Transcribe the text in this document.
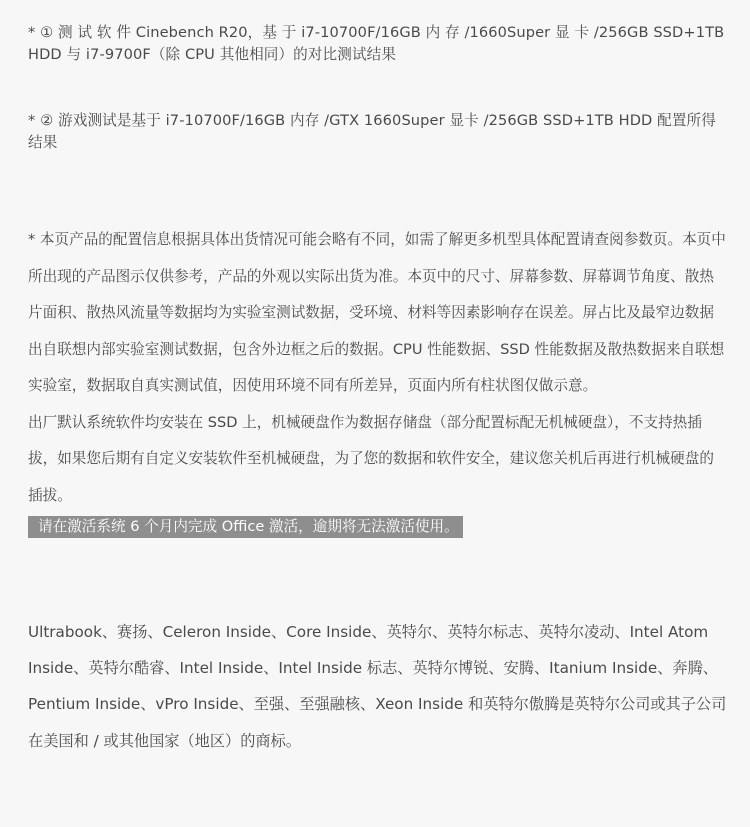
* ① 测 试 软 件 Cinebench R20，基 于 i7-10700F/16GB 内 存 /1660Super 显 卡 /256GB SSD+1TB HDD 与 i7-9700F（除 CPU 其他相同）的对比测试结果
* ② 游戏测试是基于 i7-10700F/16GB 内存 /GTX 1660Super 显卡 /256GB SSD+1TB HDD 配置所得结果

* 本页产品的配置信息根据具体出货情况可能会略有不同，如需了解更多机型具体配置请查阅参数页。本页中所出现的产品图示仅供参考，产品的外观以实际出货为准。本页中的尺寸、屏幕参数、屏幕调节角度、散热片面积、散热风流量等数据均为实验室测试数据，受环境、材料等因素影响存在误差。屏占比及最窄边数据出自联想内部实验室测试数据，包含外边框之后的数据。CPU 性能数据、SSD 性能数据及散热数据来自联想实验室，数据取自真实测试值，因使用环境不同有所差异，页面内所有柱状图仅做示意。

出厂默认系统软件均安装在 SSD 上，机械硬盘作为数据存储盘（部分配置标配无机械硬盘），不支持热插拔，如果您后期有自定义安装软件至机械硬盘，为了您的数据和软件安全，建议您关机后再进行机械硬盘的插拔。

请在激活系统 6 个月内完成 Office 激活，逾期将无法激活使用。

Ultrabook、赛扬、Celeron Inside、Core Inside、英特尔、英特尔标志、英特尔凌动、Intel Atom Inside、英特尔酷睿、Intel Inside、Intel Inside 标志、英特尔博锐、安腾、Itanium Inside、奔腾、Pentium Inside、vPro Inside、至强、至强融核、Xeon Inside 和英特尔傲腾是英特尔公司或其子公司在美国和 / 或其他国家（地区）的商标。
